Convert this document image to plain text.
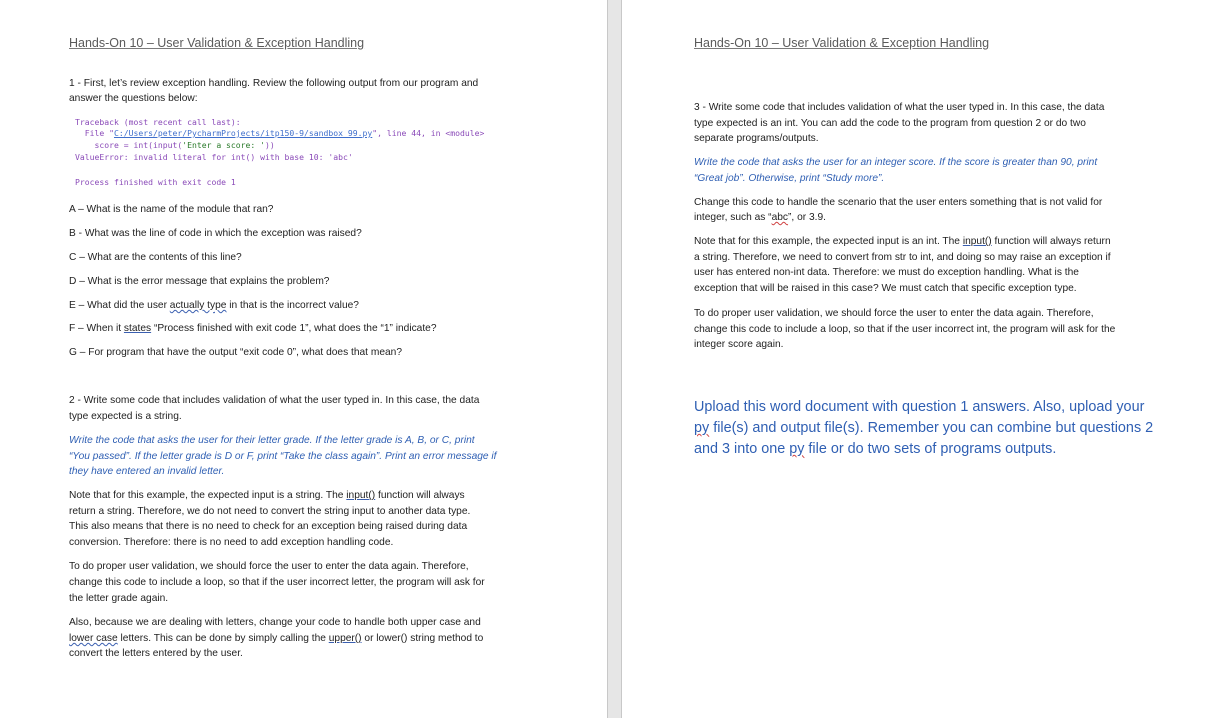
Hands-On 10 – User Validation & Exception Handling
1 - First, let’s review exception handling. Review the following output from our program and
answer the questions below:
Traceback (most recent call last):
File "C:/Users/peter/PycharmProjects/itp150-9/sandbox_99.py", line 44, in <module>
score = int(input('Enter a score: '))
ValueError: invalid literal for int() with base 10: 'abc'
Process finished with exit code 1
A – What is the name of the module that ran?
B - What was the line of code in which the exception was raised?
C – What are the contents of this line?
D – What is the error message that explains the problem?
E – What did the user actually type in that is the incorrect value?
F – When it states “Process finished with exit code 1”, what does the “1” indicate?
G – For program that have the output “exit code 0”, what does that mean?
2 - Write some code that includes validation of what the user typed in. In this case, the data
type expected is a string.
Write the code that asks the user for their letter grade. If the letter grade is A, B, or C, print
“You passed”. If the letter grade is D or F, print “Take the class again”. Print an error message if
they have entered an invalid letter.
Note that for this example, the expected input is a string. The input() function will always
return a string. Therefore, we do not need to convert the string input to another data type.
This also means that there is no need to check for an exception being raised during data
conversion. Therefore: there is no need to add exception handling code.
To do proper user validation, we should force the user to enter the data again. Therefore,
change this code to include a loop, so that if the user incorrect letter, the program will ask for
the letter grade again.
Also, because we are dealing with letters, change your code to handle both upper case and
lower case letters. This can be done by simply calling the upper() or lower() string method to
convert the letters entered by the user.
Hands-On 10 – User Validation & Exception Handling
3 - Write some code that includes validation of what the user typed in. In this case, the data
type expected is an int. You can add the code to the program from question 2 or do two
separate programs/outputs.
Write the code that asks the user for an integer score. If the score is greater than 90, print
“Great job”. Otherwise, print “Study more”.
Change this code to handle the scenario that the user enters something that is not valid for
integer, such as “abc”, or 3.9.
Note that for this example, the expected input is an int. The input() function will always return
a string. Therefore, we need to convert from str to int, and doing so may raise an exception if
user has entered non-int data. Therefore: we must do exception handling. What is the
exception that will be raised in this case? We must catch that specific exception type.
To do proper user validation, we should force the user to enter the data again. Therefore,
change this code to include a loop, so that if the user incorrect int, the program will ask for the
integer score again.
Upload this word document with question 1 answers. Also, upload your
py file(s) and output file(s). Remember you can combine but questions 2
and 3 into one py file or do two sets of programs outputs.
